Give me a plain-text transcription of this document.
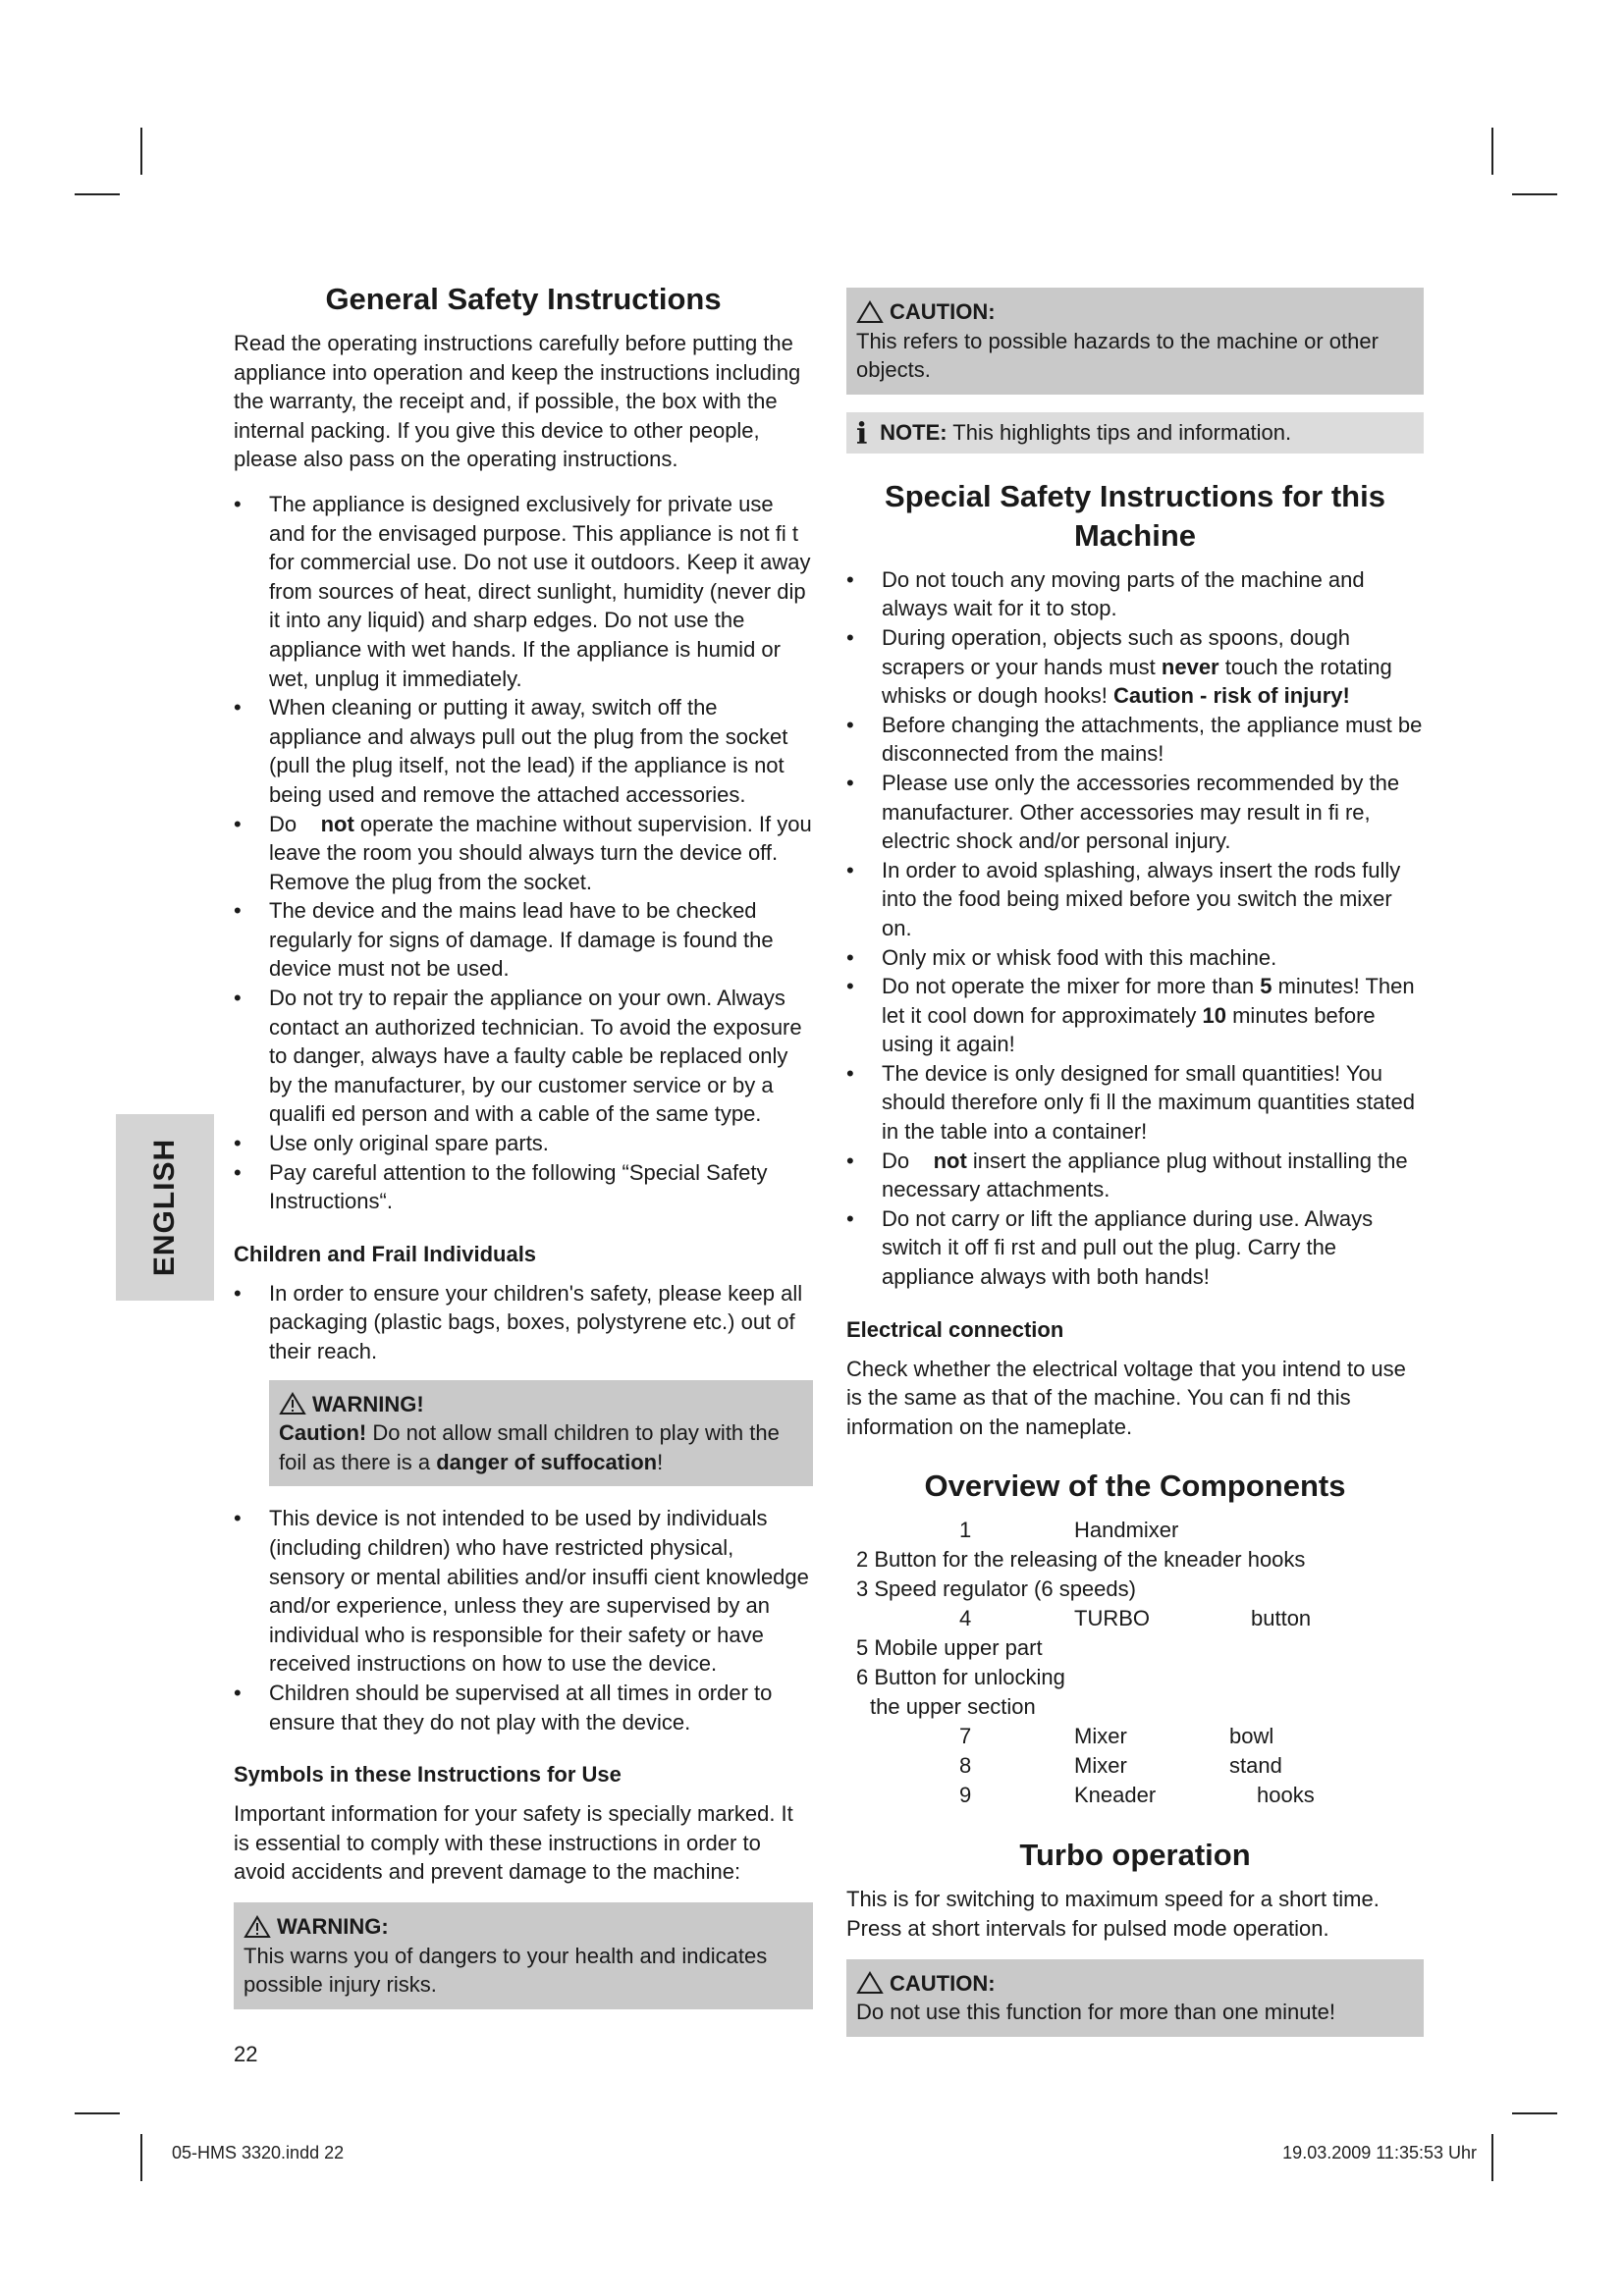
ENGLISH
General Safety Instructions

Read the operating instructions carefully before putting the appliance into operation and keep the instructions including the warranty, the receipt and, if possible, the box with the internal packing. If you give this device to other people, please also pass on the operating instructions.

• The appliance is designed exclusively for private use and for the envisaged purpose. This appliance is not fi t for commercial use. Do not use it outdoors. Keep it away from sources of heat, direct sunlight, humidity (never dip it into any liquid) and sharp edges. Do not use the appliance with wet hands. If the appliance is humid or wet, unplug it immediately.
• When cleaning or putting it away, switch off the appliance and always pull out the plug from the socket (pull the plug itself, not the lead) if the appliance is not being used and remove the attached accessories.
• Do not operate the machine without supervision. If you leave the room you should always turn the device off. Remove the plug from the socket.
• The device and the mains lead have to be checked regularly for signs of damage. If damage is found the device must not be used.
• Do not try to repair the appliance on your own. Always contact an authorized technician. To avoid the exposure to danger, always have a faulty cable be replaced only by the manufacturer, by our customer service or by a qualifi ed person and with a cable of the same type.
• Use only original spare parts.
• Pay careful attention to the following “Special Safety Instructions“.
Children and Frail Individuals
• In order to ensure your children's safety, please keep all packaging (plastic bags, boxes, polystyrene etc.) out of their reach.
WARNING!
Caution! Do not allow small children to play with the foil as there is a danger of suffocation!
• This device is not intended to be used by individuals (including children) who have restricted physical, sensory or mental abilities and/or insuffi cient knowledge and/or experience, unless they are supervised by an individual who is responsible for their safety or have received instructions on how to use the device.
• Children should be supervised at all times in order to ensure that they do not play with the device.
Symbols in these Instructions for Use

Important information for your safety is specially marked. It is essential to comply with these instructions in order to avoid accidents and prevent damage to the machine:

WARNING:
This warns you of dangers to your health and indicates possible injury risks.
CAUTION:
This refers to possible hazards to the machine or other objects.
i NOTE: This highlights tips and information.
Special Safety Instructions for this Machine
• Do not touch any moving parts of the machine and always wait for it to stop.
• During operation, objects such as spoons, dough scrapers or your hands must never touch the rotating whisks or dough hooks! Caution - risk of injury!
• Before changing the attachments, the appliance must be disconnected from the mains!
• Please use only the accessories recommended by the manufacturer. Other accessories may result in fi re, electric shock and/or personal injury.
• In order to avoid splashing, always insert the rods fully into the food being mixed before you switch the mixer on.
• Only mix or whisk food with this machine.
• Do not operate the mixer for more than 5 minutes! Then let it cool down for approximately 10 minutes before using it again!
• The device is only designed for small quantities! You should therefore only fi ll the maximum quantities stated in the table into a container!
• Do not insert the appliance plug without installing the necessary attachments.
• Do not carry or lift the appliance during use. Always switch it off fi rst and pull out the plug. Carry the appliance always with both hands!
Electrical connection

Check whether the electrical voltage that you intend to use is the same as that of the machine. You can fi nd this information on the nameplate.

Overview of the Components
1	Handmixer
2 Button for the releasing of the kneader hooks
3 Speed regulator (6 speeds)
4	TURBO	button
5 Mobile upper part
6 Button for unlocking
the upper section
7	Mixer	bowl
8	Mixer	stand
9	Kneader	hooks
Turbo operation

This is for switching to maximum speed for a short time. Press at short intervals for pulsed mode operation.

CAUTION:
Do not use this function for more than one minute!
22
05-HMS 3320.indd 22	19.03.2009 11:35:53 Uhr
